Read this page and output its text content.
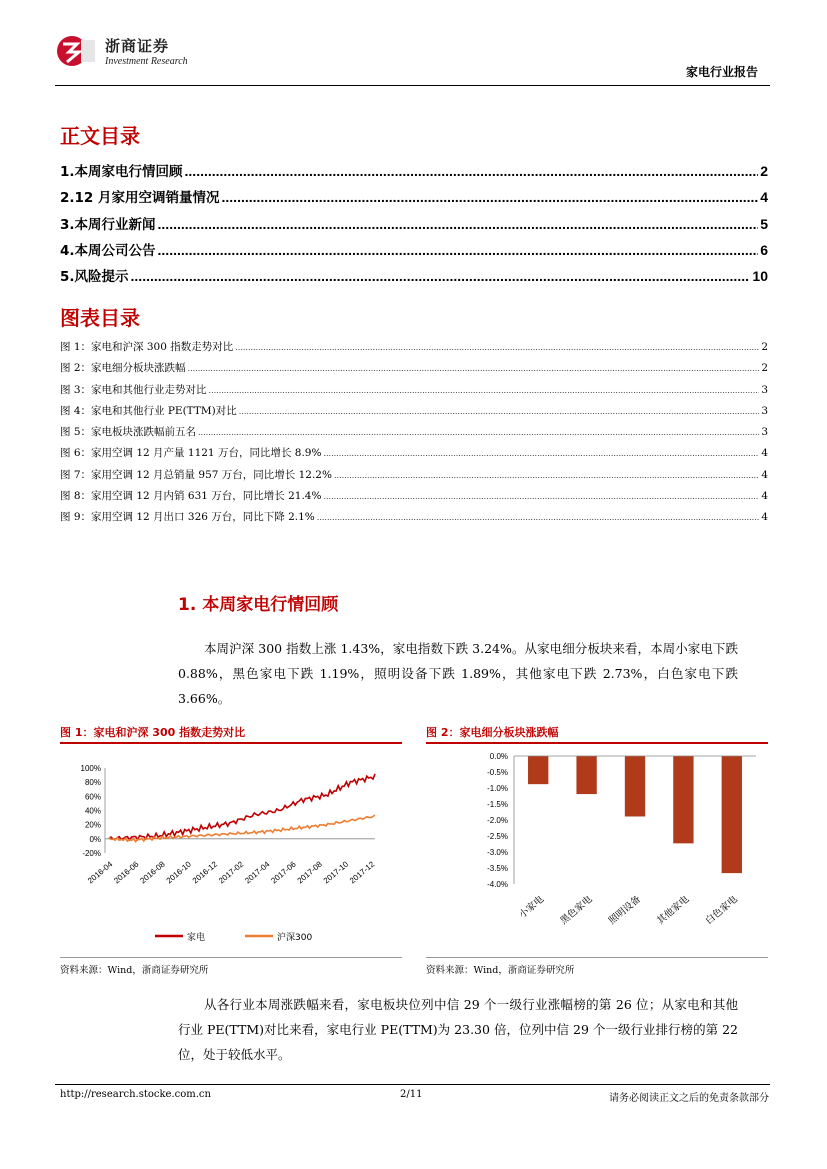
浙商证券
Investment Research
家电行业报告
正文目录
1.本周家电行情回顾 .....	2
2.12 月家用空调销量情况 .....	4
3.本周行业新闻 .....	5
4.本周公司公告 .....	6
5.风险提示 .....	10
图表目录
图 1：家电和沪深 300 指数走势对比 .....	2
图 2：家电细分板块涨跌幅 .....	2
图 3：家电和其他行业走势对比 .....	3
图 4：家电和其他行业 PE(TTM)对比 .....	3
图 5：家电板块涨跌幅前五名 .....	3
图 6：家用空调 12 月产量 1121 万台，同比增长 8.9% .....	4
图 7：家用空调 12 月总销量 957 万台，同比增长 12.2% .....	4
图 8：家用空调 12 月内销 631 万台，同比增长 21.4% .....	4
图 9：家用空调 12 月出口 326 万台，同比下降 2.1% .....	4
1. 本周家电行情回顾
本周沪深 300 指数上涨 1.43%，家电指数下跌 3.24%。从家电细分板块来看，本周小家电下跌 0.88%，黑色家电下跌 1.19%，照明设备下跌 1.89%，其他家电下跌 2.73%，白色家电下跌 3.66%。
图 1：家电和沪深 300 指数走势对比
100%
80%
60%
40%
20%
0%
-20%
2016-04
2016-06
2016-08
2016-10
2016-12
2017-02
2017-04
2017-06
2017-08
2017-10
2017-12
家电	沪深300
资料来源：Wind，浙商证券研究所
图 2：家电细分板块涨跌幅
0.0%
-0.5%
-1.0%
-1.5%
-2.0%
-2.5%
-3.0%
-3.5%
-4.0%
小家电 黑色家电 照明设备 其他家电 白色家电
资料来源：Wind，浙商证券研究所
从各行业本周涨跌幅来看，家电板块位列中信 29 个一级行业涨幅榜的第 26 位；从家电和其他行业 PE(TTM)对比来看，家电行业 PE(TTM)为 23.30 倍，位列中信 29 个一级行业排行榜的第 22 位，处于较低水平。
http://research.stocke.com.cn	2/11	请务必阅读正文之后的免责条款部分
